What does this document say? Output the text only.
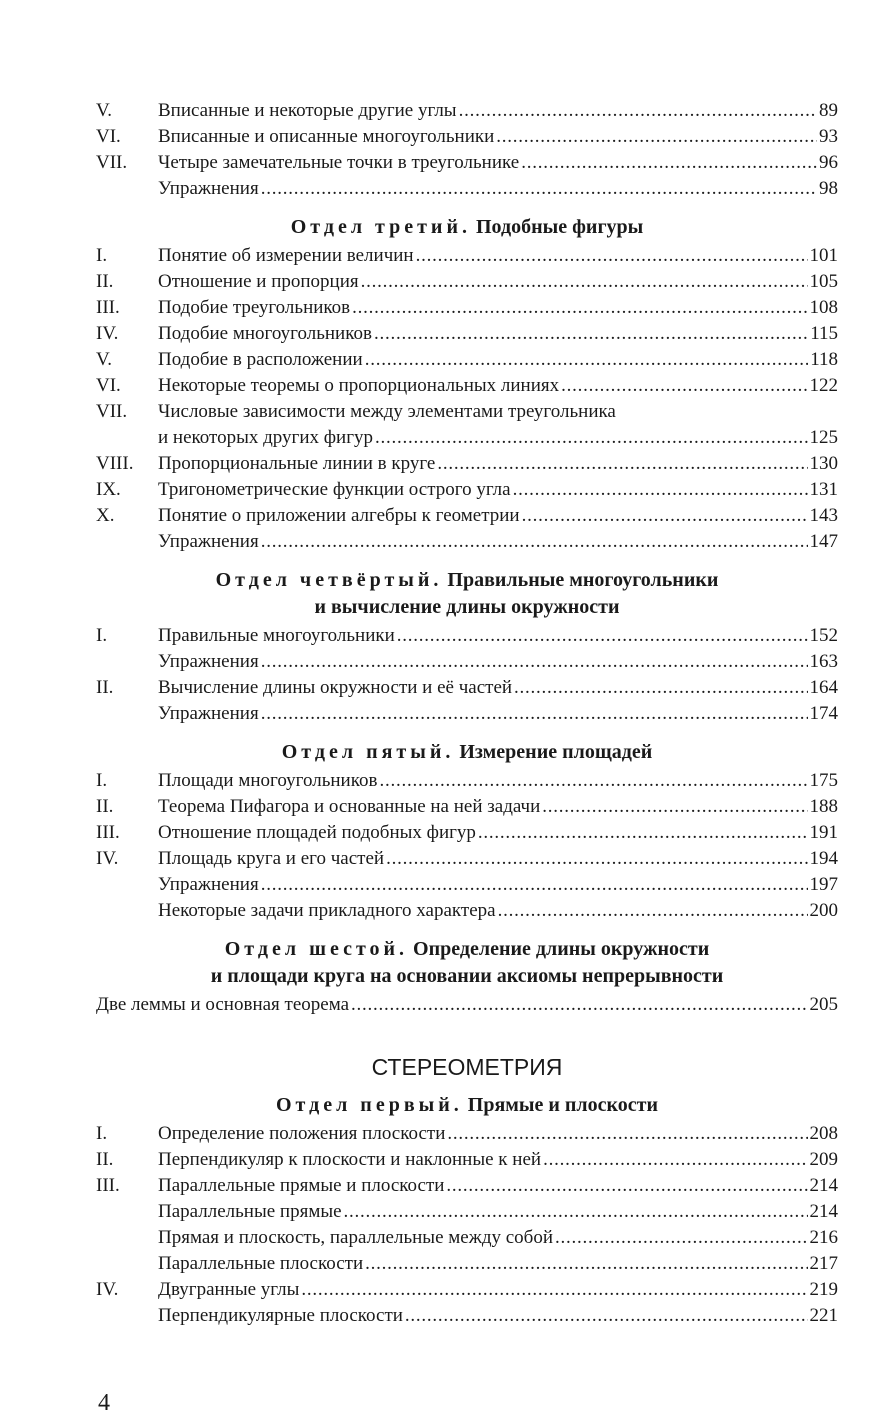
V.	Вписанные и некоторые другие углы . . .	89
VI.	Вписанные и описанные многоугольники . . .	93
VII.	Четыре замечательные точки в треугольнике . . .	96
Упражнения . . .	98
Отдел третий. Подобные фигуры
I.	Понятие об измерении величин . . .	101
II.	Отношение и пропорция . . .	105
III.	Подобие треугольников . . .	108
IV.	Подобие многоугольников . . .	115
V.	Подобие в расположении . . .	118
VI.	Некоторые теоремы о пропорциональных линиях . . .	122
VII.	Числовые зависимости между элементами треугольника
и некоторых других фигур . . .	125
VIII.	Пропорциональные линии в круге . . .	130
IX.	Тригонометрические функции острого угла . . .	131
X.	Понятие о приложении алгебры к геометрии . . .	143
Упражнения . . .	147
Отдел четвёртый. Правильные многоугольники
и вычисление длины окружности
I.	Правильные многоугольники . . .	152
Упражнения . . .	163
II.	Вычисление длины окружности и её частей . . .	164
Упражнения . . .	174
Отдел пятый. Измерение площадей
I.	Площади многоугольников . . .	175
II.	Теорема Пифагора и основанные на ней задачи . . .	188
III.	Отношение площадей подобных фигур . . .	191
IV.	Площадь круга и его частей . . .	194
Упражнения . . .	197
Некоторые задачи прикладного характера . . .	200
Отдел шестой. Определение длины окружности
и площади круга на основании аксиомы непрерывности
Две леммы и основная теорема . . .	205
СТЕРЕОМЕТРИЯ
Отдел первый. Прямые и плоскости
I.	Определение положения плоскости . . .	208
II.	Перпендикуляр к плоскости и наклонные к ней . . .	209
III.	Параллельные прямые и плоскости . . .	214
Параллельные прямые . . .	214
Прямая и плоскость, параллельные между собой . . .	216
Параллельные плоскости . . .	217
IV.	Двугранные углы . . .	219
Перпендикулярные плоскости . . .	221
4
